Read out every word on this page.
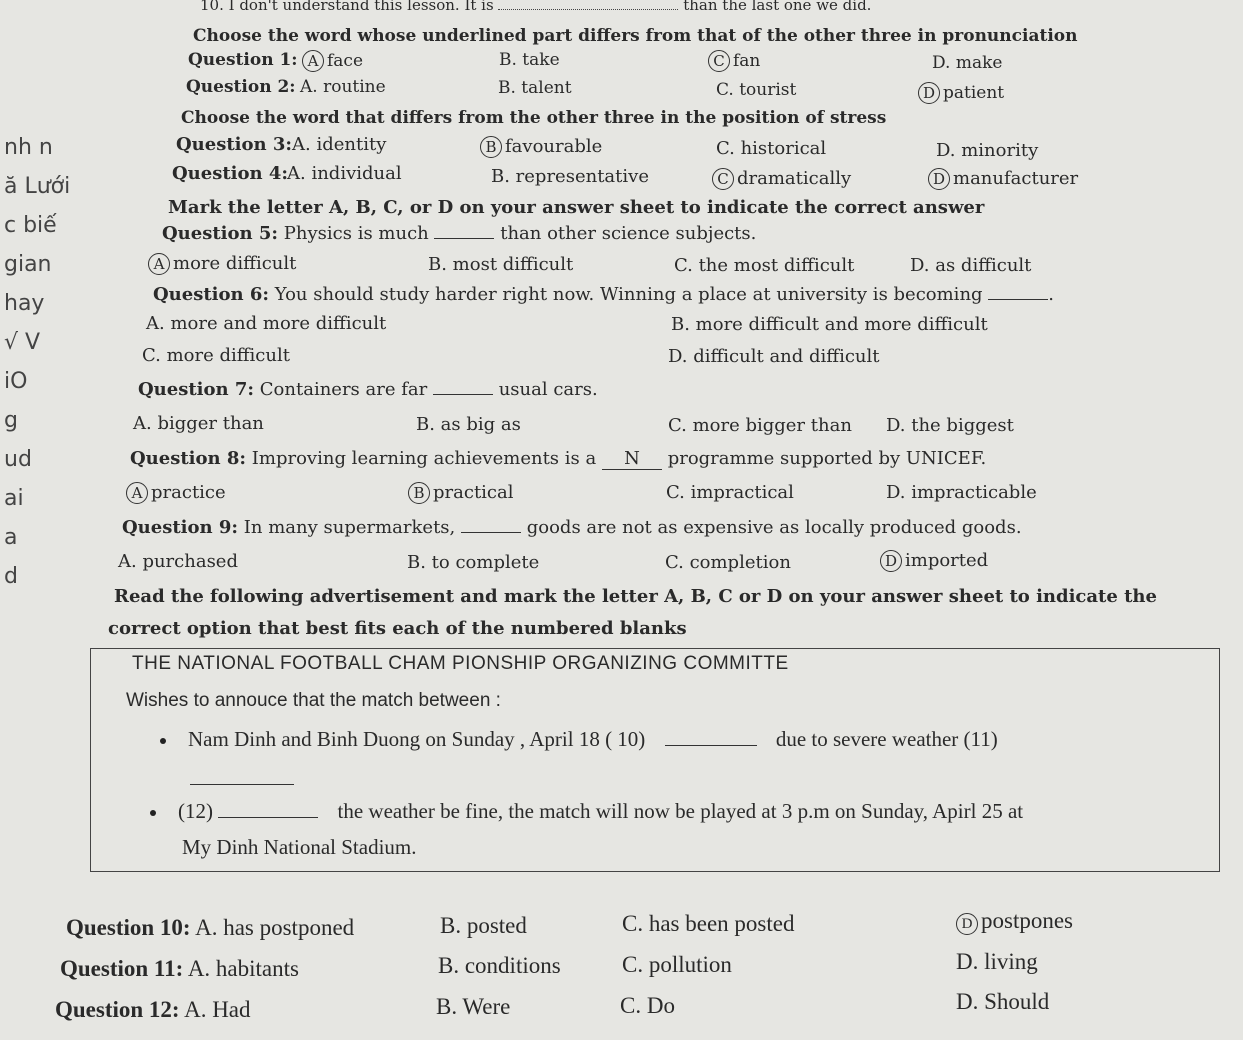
nh n
ă Lưới
c biế
gian
hay
√ V
iO
g
ud
ai
a
d
10. I don't understand this lesson. It is	than the last one we did.
Choose the word whose underlined part differs from that of the other three in pronunciation
Question 1: A face	B. take	C fan	D. make
Question 2: A. routine	B. talent	C. tourist	D patient
Choose the word that differs from the other three in the position of stress
Question 3: A. identity	B favourable	C. historical	D. minority
Question 4:
A. individual	B. representative	C dramatically	D manufacturer
Mark the letter A, B, C, or D on your answer sheet to indicate the correct answer
Question 5: Physics is much	than other science subjects.
A more difficult	B. most difficult	C. the most difficult	D. as difficult
Question 6: You should study harder right now. Winning a place at university is becoming	.
A. more and more difficult	B. more difficult and more difficult
C. more difficult	D. difficult and difficult
Question 7: Containers are far	usual cars.
A. bigger than	B. as big as	C. more bigger than D. the biggest
Question 8: Improving learning achievements is a N programme supported by UNICEF.
A practice	B practical	C. impractical	D. impracticable
Question 9: In many supermarkets,	goods are not as expensive as locally produced goods.
A. purchased	B. to complete	C. completion	D imported
Read the following advertisement and mark the letter A, B, C or D on your answer sheet to indicate the
correct option that best fits each of the numbered blanks
THE NATIONAL FOOTBALL CHAM PIONSHIP ORGANIZING COMMITTE
Wishes to annouce that the match between :
Nam Dinh and Binh Duong on Sunday , April 18 ( 10)	due to severe weather (11)
(12)	the weather be fine, the match will now be played at 3 p.m on Sunday, Apirl 25 at
My Dinh National Stadium.
Question 10: A. has postponed	B. posted	C. has been posted	D postpones
Question 11: A. habitants	B. conditions	C. pollution	D. living
Question 12: A. Had	B. Were	C. Do	D. Should
